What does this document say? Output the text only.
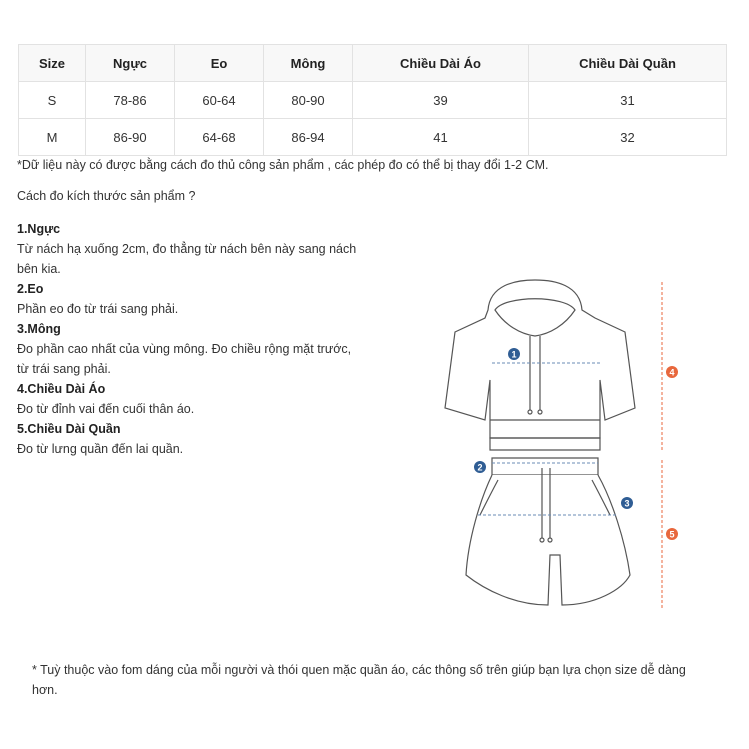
Size	Ngực	Eo	Mông	Chiều Dài Áo	Chiều Dài Quần
S	78-86	60-64	80-90	39	31
M	86-90	64-68	86-94	41	32
*Dữ liệu này có được bằng cách đo thủ công sản phẩm , các phép đo có thể bị thay đổi 1-2 CM.
Cách đo kích thước sản phẩm ?
1.Ngực
Từ nách hạ xuống 2cm, đo thẳng từ nách bên này sang nách bên kia.
2.Eo
Phần eo đo từ trái sang phải.
3.Mông
Đo phần cao nhất của vùng mông. Đo chiều rộng mặt trước, từ trái sang phải.
4.Chiều Dài Áo
Đo từ đỉnh vai đến cuối thân áo.
5.Chiều Dài Quần
Đo từ lưng quần đến lai quần.
1
2
3
4
5
* Tuỳ thuộc vào fom dáng của mỗi người và thói quen mặc quần áo, các thông số trên giúp bạn lựa chọn size dễ dàng hơn.
